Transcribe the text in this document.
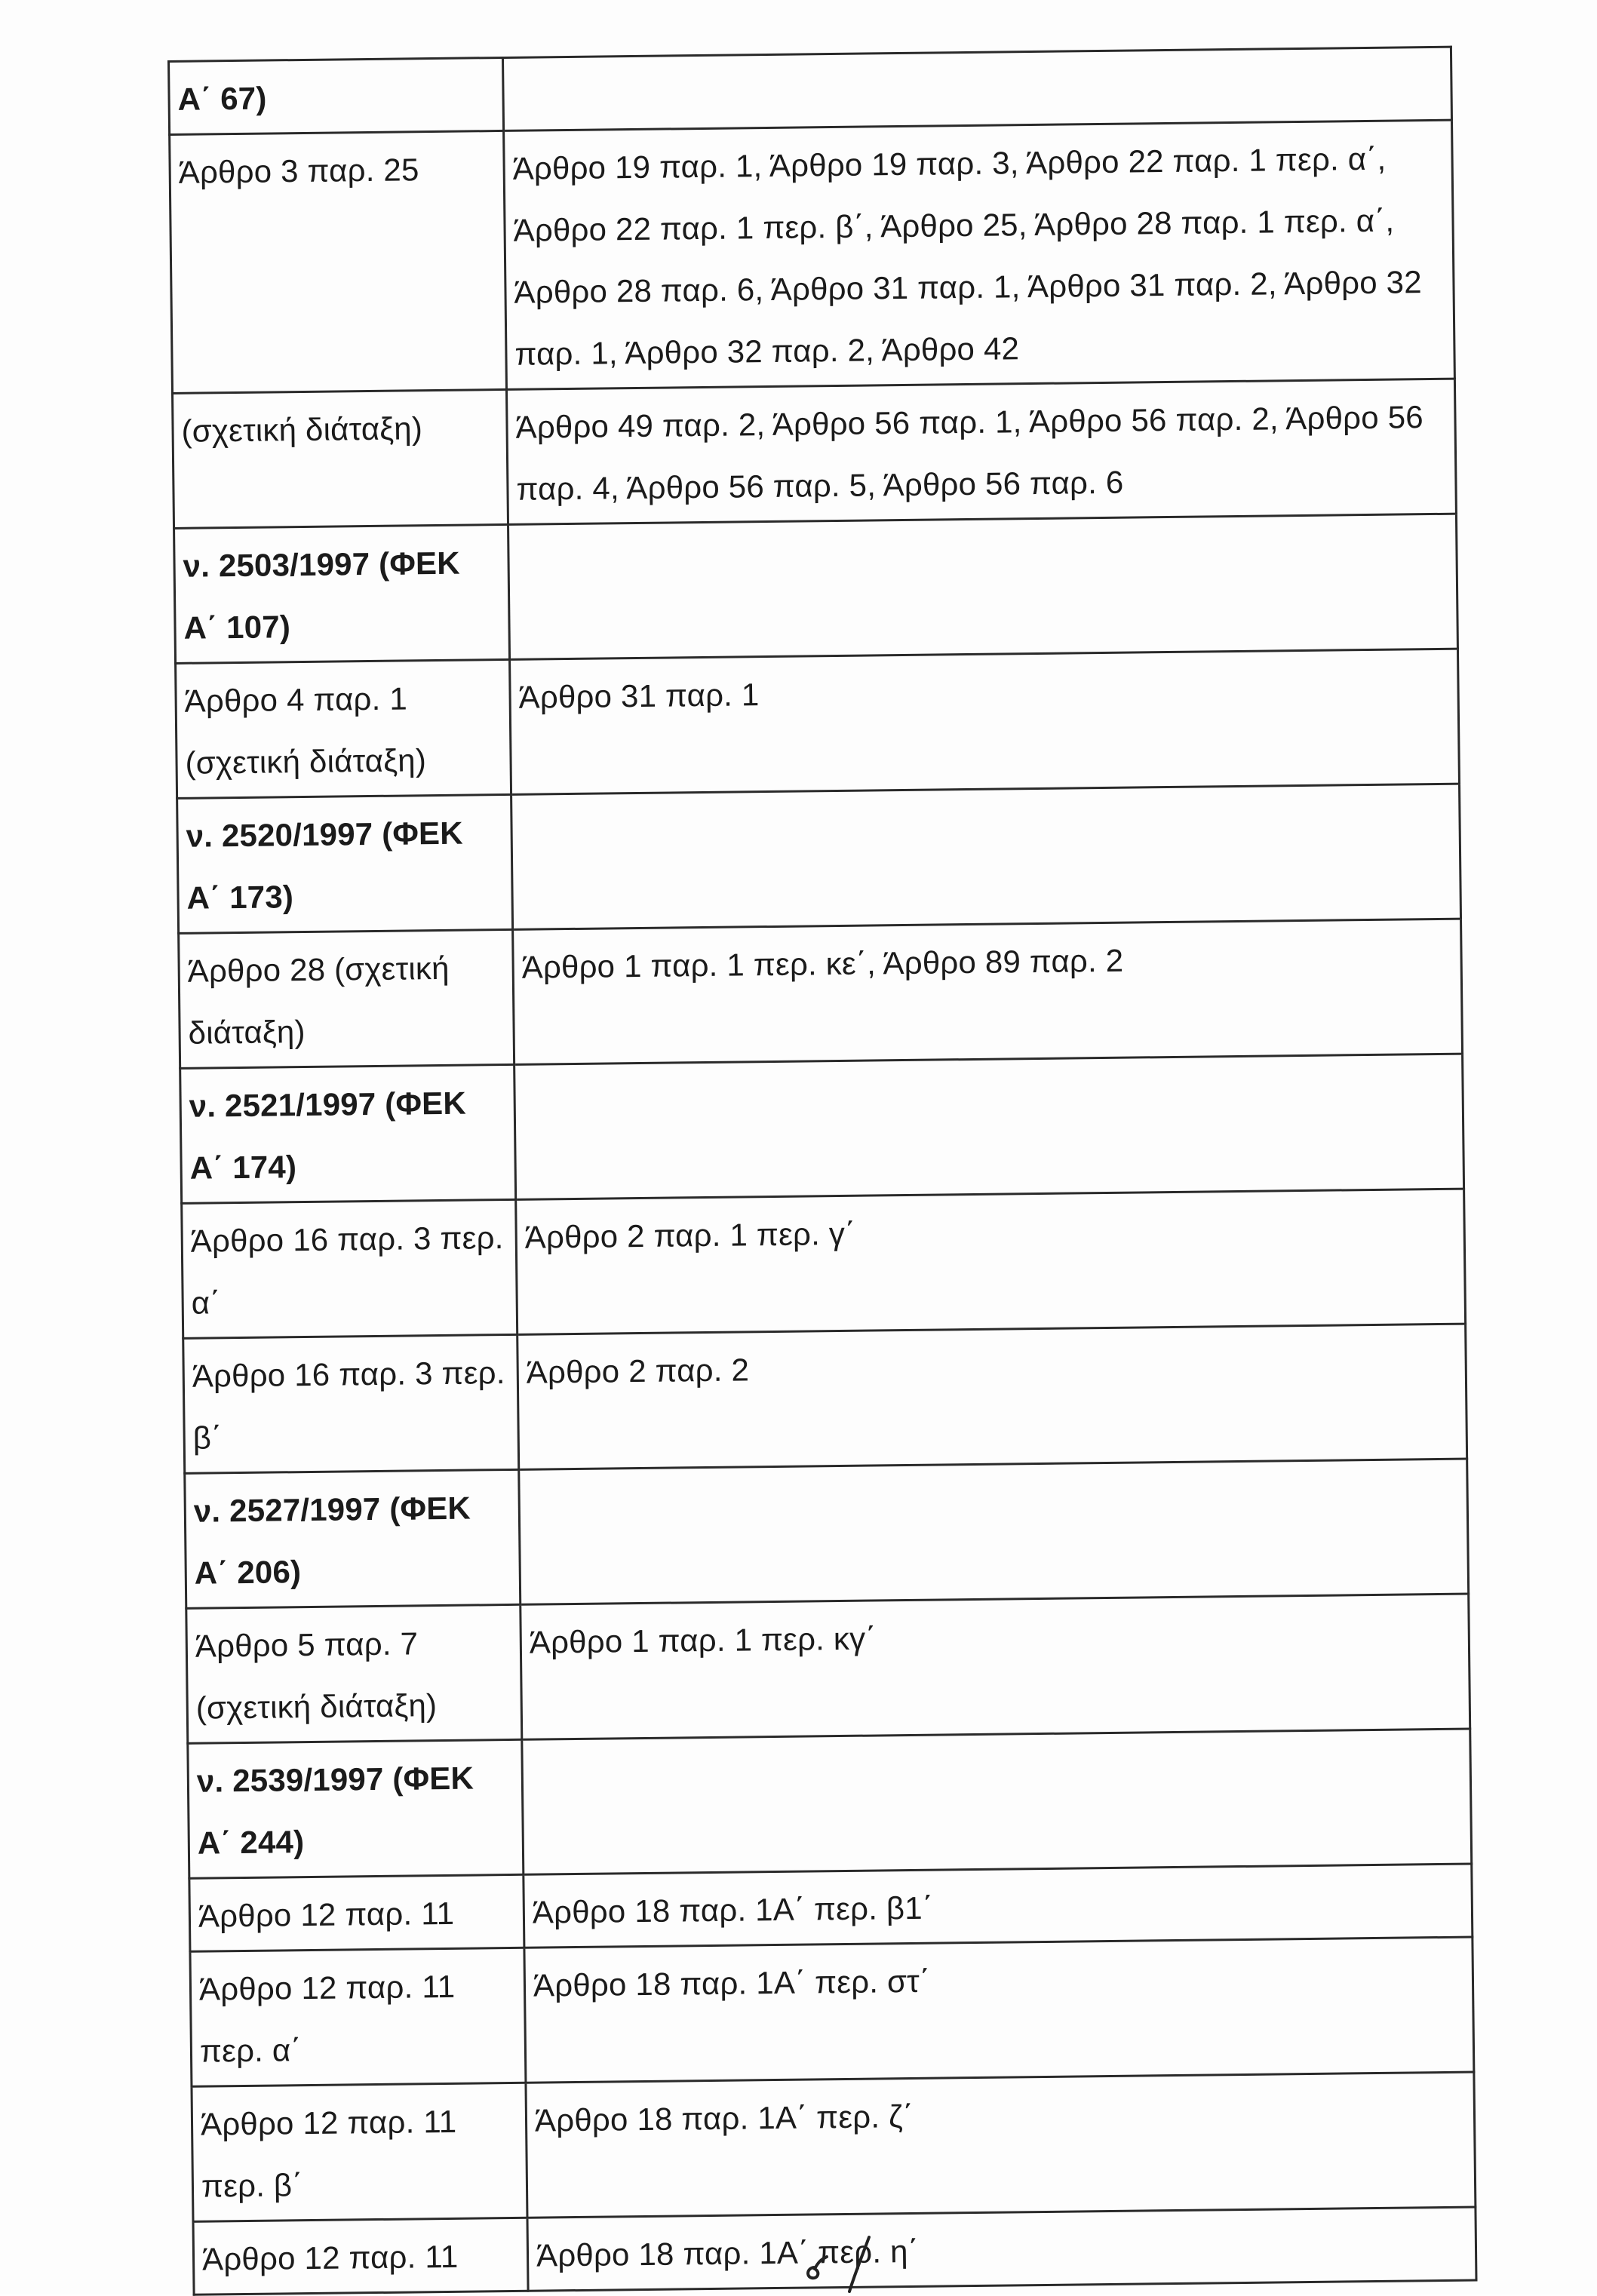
Α΄ 67)	
Άρθρο 3 παρ. 25	Άρθρο 19 παρ. 1, Άρθρο 19 παρ. 3, Άρθρο 22 παρ. 1 περ. α΄, Άρθρο 22 παρ. 1 περ. β΄, Άρθρο 25, Άρθρο 28 παρ. 1 περ. α΄, Άρθρο 28 παρ. 6, Άρθρο 31 παρ. 1, Άρθρο 31 παρ. 2, Άρθρο 32 παρ. 1, Άρθρο 32 παρ. 2, Άρθρο 42
(σχετική διάταξη)	Άρθρο 49 παρ. 2, Άρθρο 56 παρ. 1, Άρθρο 56 παρ. 2, Άρθρο 56 παρ. 4, Άρθρο 56 παρ. 5, Άρθρο 56 παρ. 6
ν. 2503/1997 (ΦΕΚ Α΄ 107)	
Άρθρο 4 παρ. 1 (σχετική διάταξη)	Άρθρο 31 παρ. 1
ν. 2520/1997 (ΦΕΚ Α΄ 173)	
Άρθρο 28 (σχετική διάταξη)	Άρθρο 1 παρ. 1 περ. κε΄, Άρθρο 89 παρ. 2
ν. 2521/1997 (ΦΕΚ Α΄ 174)	
Άρθρο 16 παρ. 3 περ. α΄	Άρθρο 2 παρ. 1 περ. γ΄
Άρθρο 16 παρ. 3 περ. β΄	Άρθρο 2 παρ. 2
ν. 2527/1997 (ΦΕΚ Α΄ 206)	
Άρθρο 5 παρ. 7 (σχετική διάταξη)	Άρθρο 1 παρ. 1 περ. κγ΄
ν. 2539/1997 (ΦΕΚ Α΄ 244)	
Άρθρο 12 παρ. 11	Άρθρο 18 παρ. 1Α΄ περ. β1΄
Άρθρο 12 παρ. 11 περ. α΄	Άρθρο 18 παρ. 1Α΄ περ. στ΄
Άρθρο 12 παρ. 11 περ. β΄	Άρθρο 18 παρ. 1Α΄ περ. ζ΄
Άρθρο 12 παρ. 11	Άρθρο 18 παρ. 1Α΄ περ. η΄
